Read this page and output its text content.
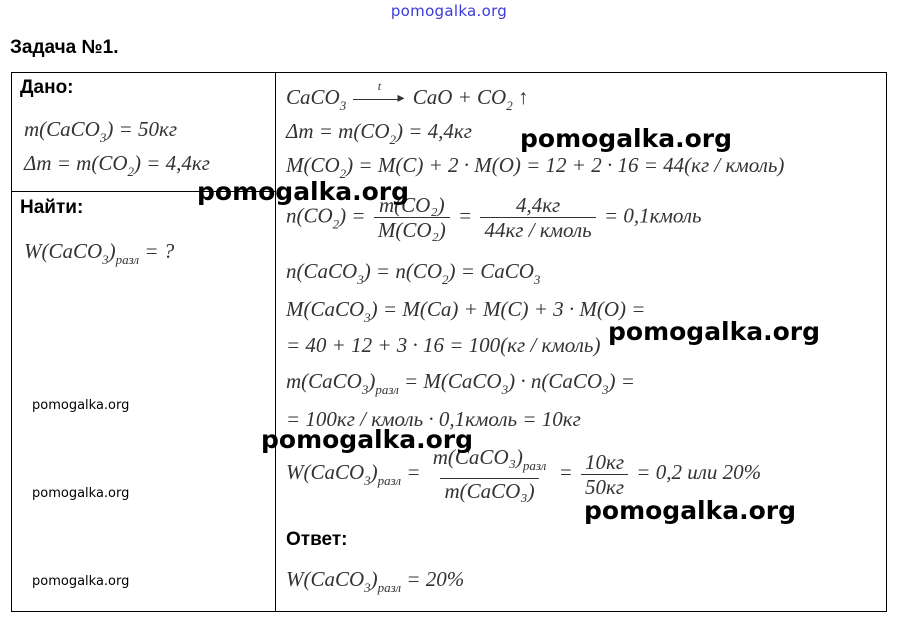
pomogalka.org
Задача №1.
Дано:
m(CaCO$_3$) = 50кг
$\Delta m = m(CO_2) = 4,4кг$
Найти:
$W(CaCO_3)_{разл}$ = ?
CaCO$_3$
t
▸ CaO + $CO_2$ ↑
$\Delta m = m(CO_2) = 4,4кг$
$M(CO_2) = M(C) + 2 \cdot M(O) = 12 + 2 \cdot 16 = 44(кг$ / кмоль)
$n(CO_2) = \frac{\text{m(CO₂)}}{\text{M(CO₂)}} = \frac{4,4кг}{\text{44кг / кмоль}}$ = 0,1кмоль
n(CaCO$_3$) = $n(CO_2)$ = CaCO$_3$
M(CaCO$_3$) = M(Ca) + M(C) + 3 · M(O) =
= 40 + 12 + 3 · 16 = 100(кг / кмоль)
$m(CaCO_3)_{разл}$ = M(CaCO$_3$) · n(CaCO$_3$) =
= 100кг / кмоль · 0,1кмоль = 10кг
$W(CaCO_3)_{разл} = \frac{m(CaCO_3)_{разл}}{\text{m(CaCO₃)}} = \frac{10кг}{50кг} = 0,2$ или 20%
Ответ:
$W(CaCO_3)_{разл} = 20\%$
pomogalka.org
pomogalka.org
pomogalka.org
pomogalka.org
pomogalka.org
pomogalka.org
pomogalka.org
pomogalka.org
